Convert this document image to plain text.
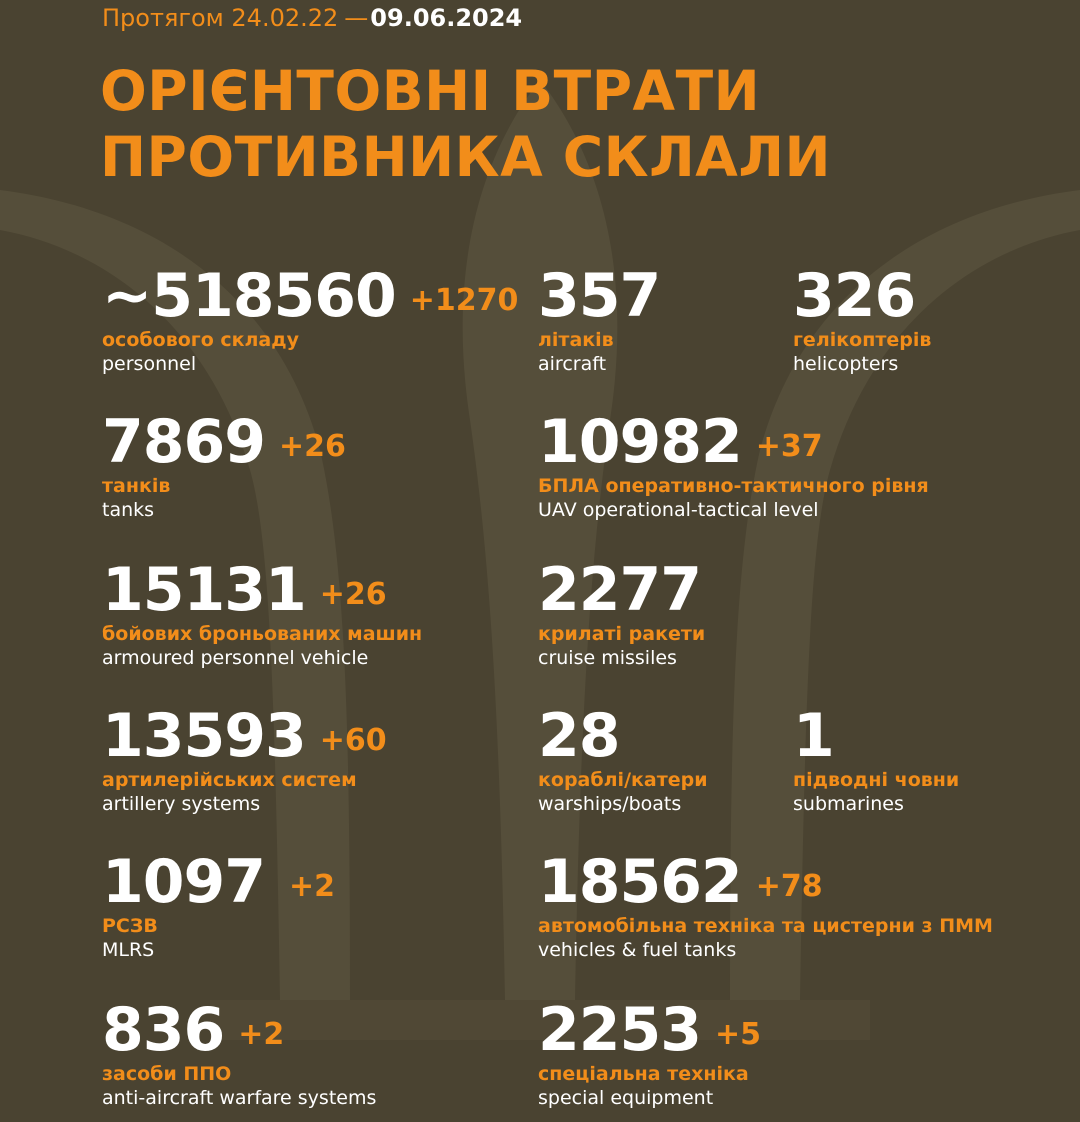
Протягом 24.02.22 —09.06.2024
ОРІЄНТОВНІ ВТРАТИ
ПРОТИВНИКА СКЛАЛИ
~518560 +1270
особового складу
personnel
7869 +26
танків
tanks
15131 +26
бойових броньованих машин
armoured personnel vehicle
13593 +60
артилерійських систем
artillery systems
1097 +2
РСЗВ
MLRS
836 +2
засоби ППО
anti-aircraft warfare systems
357
літаків
aircraft
326
гелікоптерів
helicopters
10982 +37
БПЛА оперативно-тактичного рівня
UAV operational-tactical level
2277
крилаті ракети
cruise missiles
28
кораблі/катери
warships/boats
1
підводні човни
submarines
18562 +78
автомобільна техніка та цистерни з ПММ
vehicles & fuel tanks
2253 +5
спеціальна техніка
special equipment
